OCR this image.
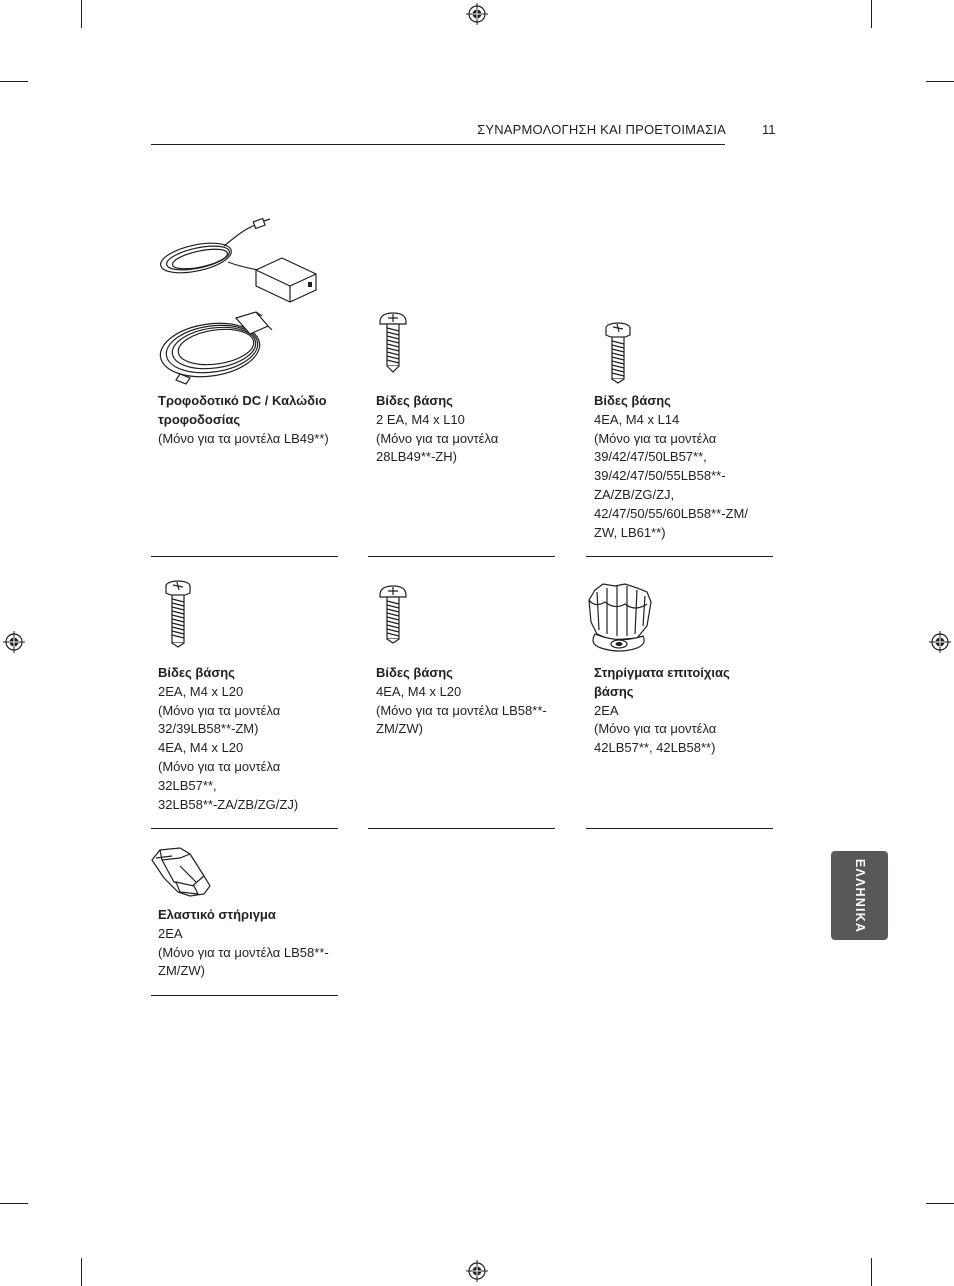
ΣΥΝΑΡΜΟΛΟΓΗΣΗ ΚΑΙ ΠΡΟΕΤΟΙΜΑΣΙΑ	11
ΕΛΛΗΝΙΚΑ
Τροφοδοτικό DC / Καλώδιο
τροφοδοσίας
(Μόνο για τα μοντέλα LB49**)
Βίδες βάσης
2 EA, M4 x L10
(Μόνο για τα μοντέλα
28LB49**-ZH)
Βίδες βάσης
4EA, M4 x L14
(Μόνο για τα μοντέλα
39/42/47/50LB57**,
39/42/47/50/55LB58**-
ZA/ZB/ZG/ZJ,
42/47/50/55/60LB58**-ZM/
ZW, LB61**)
Βίδες βάσης
2EA, M4 x L20
(Μόνο για τα μοντέλα
32/39LB58**-ZM)
4EA, M4 x L20
(Μόνο για τα μοντέλα
32LB57**,
32LB58**-ZA/ZB/ZG/ZJ)
Βίδες βάσης
4EA, M4 x L20
(Μόνο για τα μοντέλα LB58**-
ZM/ZW)
Στηρίγματα επιτοίχιας
βάσης
2EA
(Μόνο για τα μοντέλα
42LB57**, 42LB58**)
Ελαστικό στήριγμα
2EA
(Μόνο για τα μοντέλα LB58**-
ZM/ZW)
